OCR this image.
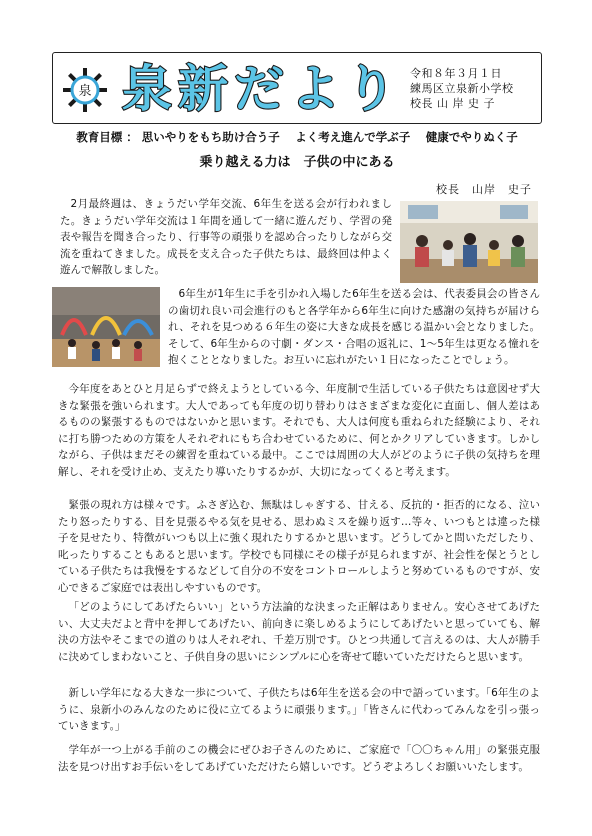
泉 泉新だより 令和８年３月１日
練馬区立泉新小学校
校長 山 岸 史 子
教育目標 ： 思いやりをもち助け合う子　 よく考え進んで学ぶ子　 健康でやりぬく子
乗り越える力は　子供の中にある
校長　山岸　史子

2月最終週は、きょうだい学年交流、6年生を送る会が行われました。きょうだい学年交流は１年間を通して一緒に遊んだり、学習の発表や報告を聞き合ったり、行事等の頑張りを認め合ったりしながら交流を重ねてきました。成長を支え合った子供たちは、最終回は仲よく遊んで解散しました。

6年生が1年生に手を引かれ入場した6年生を送る会は、代表委員会の皆さんの歯切れ良い司会進行のもと各学年から6年生に向けた感謝の気持ちが届けられ、それを見つめる６年生の姿に大きな成長を感じる温かい会となりました。そして、6年生からの寸劇・ダンス・合唱の返礼に、1～5年生は更なる憧れを抱くこととなりました。お互いに忘れがたい１日になったことでしょう。

今年度をあとひと月足らずで終えようとしている今、年度制で生活している子供たちは意図せず大きな緊張を強いられます。大人であっても年度の切り替わりはさまざまな変化に直面し、個人差はあるものの緊張するものではないかと思います。それでも、大人は何度も重ねられた経験により、それに打ち勝つための方策を人それぞれにもち合わせているために、何とかクリアしていきます。しかしながら、子供はまだその練習を重ねている最中。ここでは周囲の大人がどのように子供の気持ちを理解し、それを受け止め、支えたり導いたりするかが、大切になってくると考えます。

緊張の現れ方は様々です。ふさぎ込む、無駄はしゃぎする、甘える、反抗的・拒否的になる、泣いたり怒ったりする、目を見張るやる気を見せる、思わぬミスを繰り返す…等々、いつもとは違った様子を見せたり、特徴がいつも以上に強く現れたりするかと思います。どうしてかと問いただしたり、叱ったりすることもあると思います。学校でも同様にその様子が見られますが、社会性を保とうとしている子供たちは我慢をするなどして自分の不安をコントロールしようと努めているものですが、安心できるご家庭では表出しやすいものです。

「どのようにしてあげたらいい」という方法論的な決まった正解はありません。安心させてあげたい、大丈夫だよと背中を押してあげたい、前向きに楽しめるようにしてあげたいと思っていても、解決の方法やそこまでの道のりは人それぞれ、千差万別です。ひとつ共通して言えるのは、大人が勝手に決めてしまわないこと、子供自身の思いにシンプルに心を寄せて聴いていただけたらと思います。

新しい学年になる大きな一歩について、子供たちは6年生を送る会の中で語っています。「6年生のように、泉新小のみんなのために役に立てるように頑張ります。」「皆さんに代わってみんなを引っ張っていきます。」

学年が一つ上がる手前のこの機会にぜひお子さんのために、ご家庭で「〇〇ちゃん用」の緊張克服法を見つけ出すお手伝いをしてあげていただけたら嬉しいです。どうぞよろしくお願いいたします。
